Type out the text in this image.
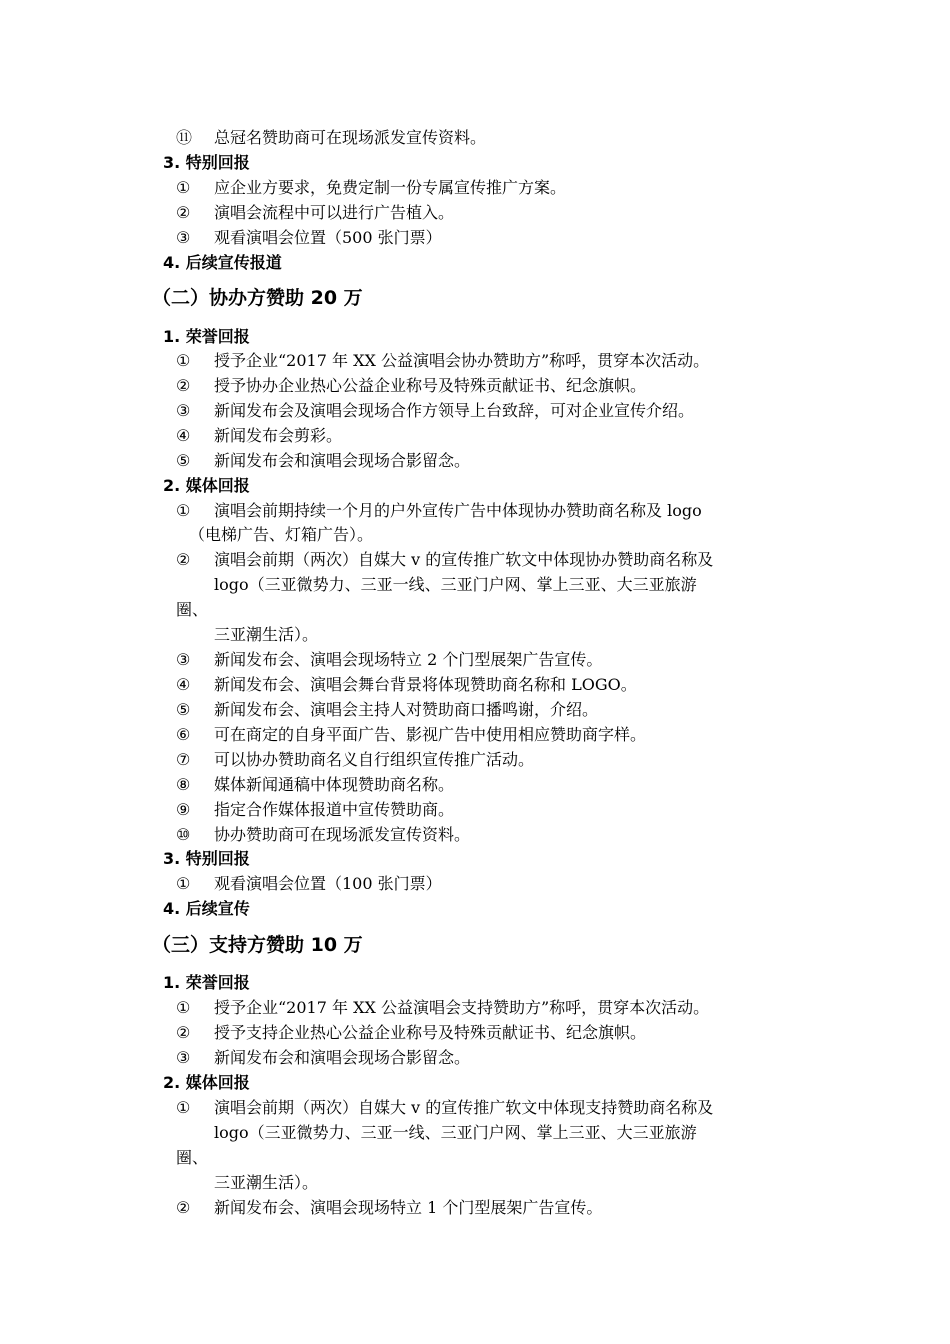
⑪	总冠名赞助商可在现场派发宣传资料。
3. 特别回报
①	应企业方要求，免费定制一份专属宣传推广方案。
②	演唱会流程中可以进行广告植入。
③	观看演唱会位置（500 张门票）
4. 后续宣传报道
（二）协办方赞助 20 万
1. 荣誉回报
①	授予企业“2017 年 XX 公益演唱会协办赞助方”称呼，贯穿本次活动。
②	授予协办企业热心公益企业称号及特殊贡献证书、纪念旗帜。
③	新闻发布会及演唱会现场合作方领导上台致辞，可对企业宣传介绍。
④	新闻发布会剪彩。
⑤	新闻发布会和演唱会现场合影留念。
2. 媒体回报
①	演唱会前期持续一个月的户外宣传广告中体现协办赞助商名称及 logo
（电梯广告、灯箱广告）。
②	演唱会前期（两次）自媒大 v 的宣传推广软文中体现协办赞助商名称及
logo（三亚微势力、三亚一线、三亚门户网、掌上三亚、大三亚旅游
圈、
三亚潮生活）。
③	新闻发布会、演唱会现场特立 2 个门型展架广告宣传。
④	新闻发布会、演唱会舞台背景将体现赞助商名称和 LOGO。
⑤	新闻发布会、演唱会主持人对赞助商口播鸣谢，介绍。
⑥	可在商定的自身平面广告、影视广告中使用相应赞助商字样。
⑦	可以协办赞助商名义自行组织宣传推广活动。
⑧	媒体新闻通稿中体现赞助商名称。
⑨	指定合作媒体报道中宣传赞助商。
⑩	协办赞助商可在现场派发宣传资料。
3. 特别回报
①	观看演唱会位置（100 张门票）
4. 后续宣传
（三）支持方赞助 10 万
1. 荣誉回报
①	授予企业“2017 年 XX 公益演唱会支持赞助方”称呼，贯穿本次活动。
②	授予支持企业热心公益企业称号及特殊贡献证书、纪念旗帜。
③	新闻发布会和演唱会现场合影留念。
2. 媒体回报
①	演唱会前期（两次）自媒大 v 的宣传推广软文中体现支持赞助商名称及
logo（三亚微势力、三亚一线、三亚门户网、掌上三亚、大三亚旅游
圈、
三亚潮生活）。
②	新闻发布会、演唱会现场特立 1 个门型展架广告宣传。
